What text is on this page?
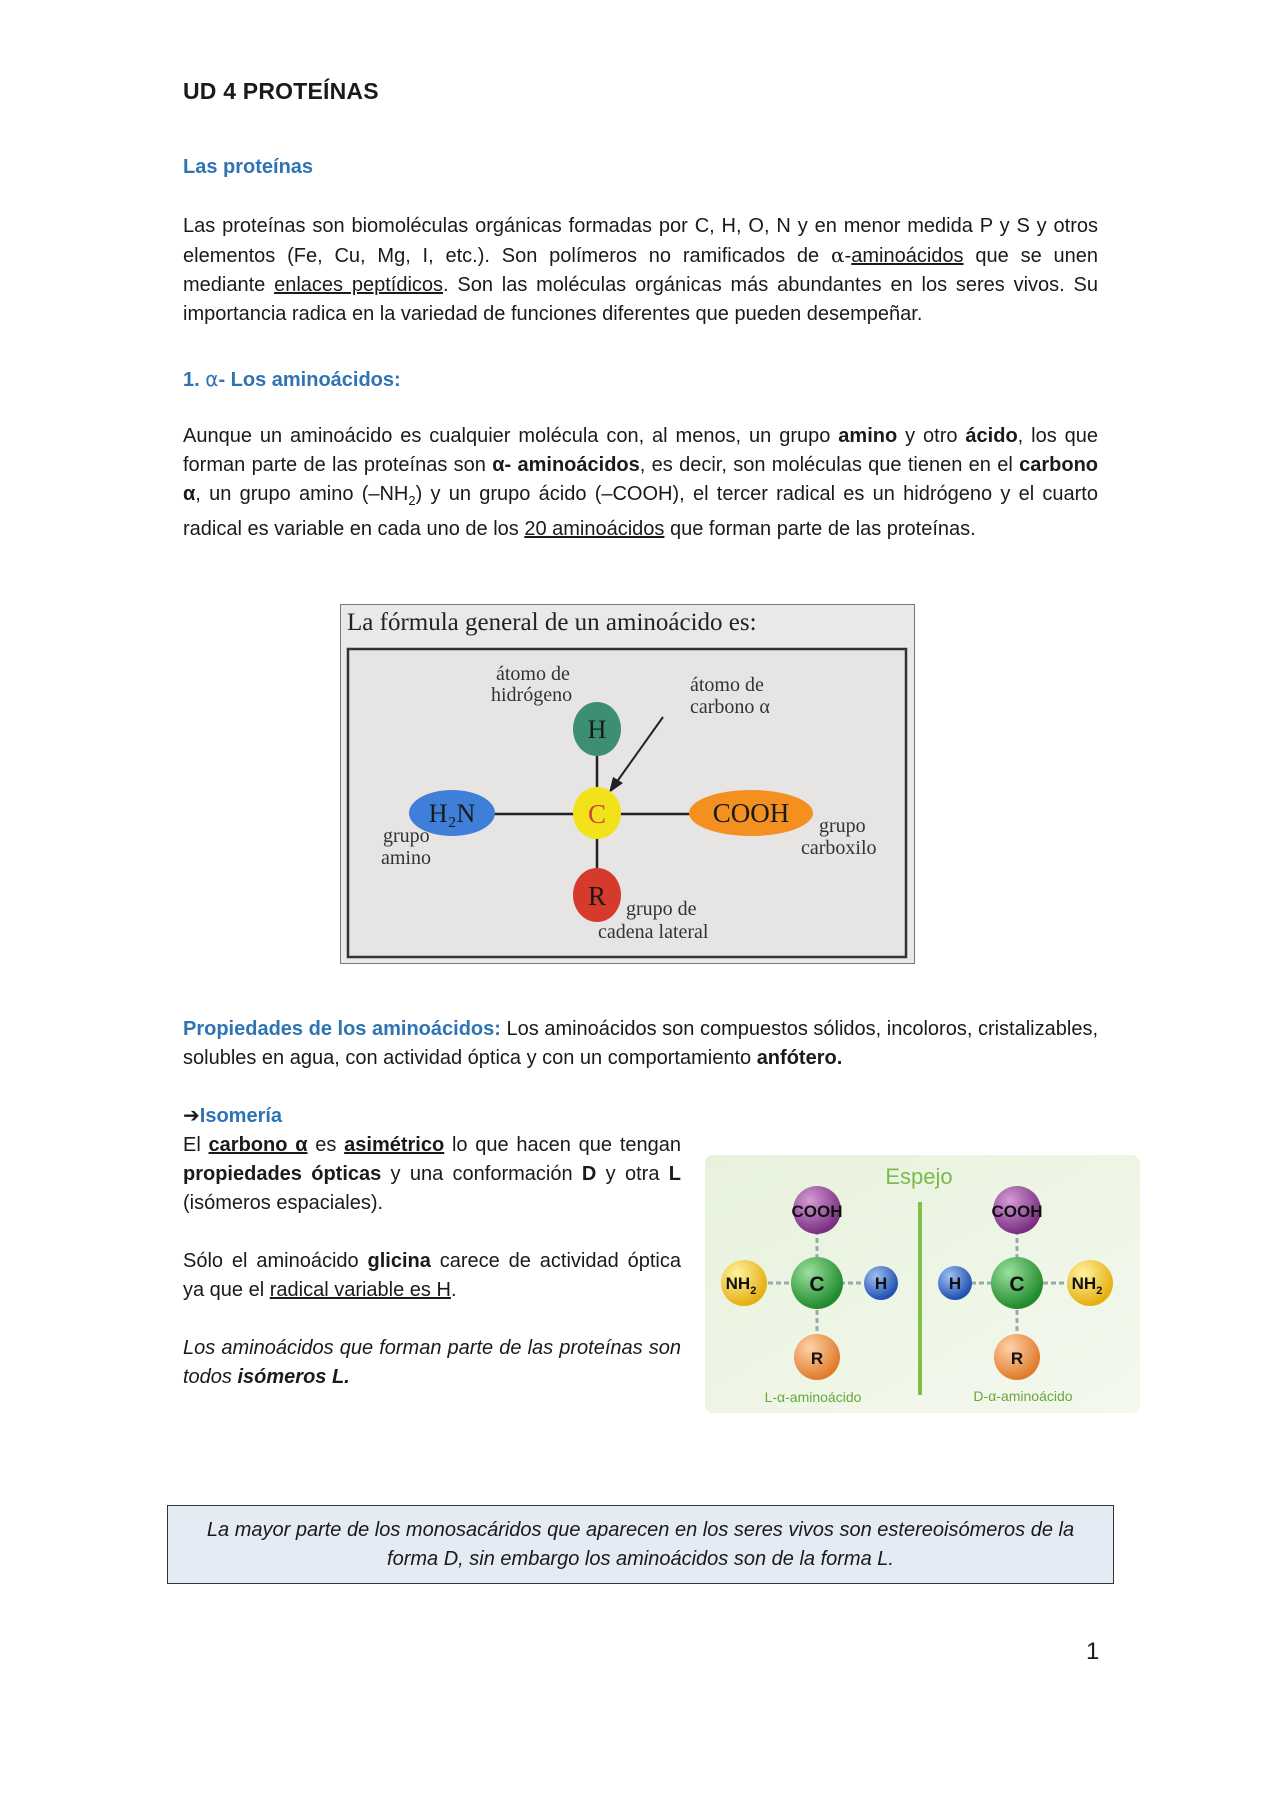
UD 4 PROTEÍNAS
Las proteínas
Las proteínas son biomoléculas orgánicas formadas por C, H, O, N y en menor medida P y S y otros elementos (Fe, Cu, Mg, I, etc.). Son polímeros no ramificados de α-aminoácidos que se unen mediante enlaces peptídicos. Son las moléculas orgánicas más abundantes en los seres vivos. Su importancia radica en la variedad de funciones diferentes que pueden desempeñar.
1. α- Los aminoácidos:
Aunque un aminoácido es cualquier molécula con, al menos, un grupo amino y otro ácido, los que forman parte de las proteínas son α- aminoácidos, es decir, son moléculas que tienen en el carbono α, un grupo amino $(-NH_2)$ y un grupo ácido (–COOH), el tercer radical es un hidrógeno y el cuarto radical es variable en cada uno de los 20 aminoácidos que forman parte de las proteínas.
La fórmula general de un aminoácido es:
H
C
R
H₂N	COOH
átomo de
hidrógeno	átomo de
carbono α
grupo
amino
grupo
carboxilo
grupo de
cadena lateral
Propiedades de los aminoácidos: Los aminoácidos son compuestos sólidos, incoloros, cristalizables, solubles en agua, con actividad óptica y con un comportamiento anfótero.
➔Isomería

El carbono α es asimétrico lo que hacen que tengan propiedades ópticas y una conformación D y otra L (isómeros espaciales).

Sólo el aminoácido glicina carece de actividad óptica ya que el radical variable es H.

Los aminoácidos que forman parte de las proteínas son todos isómeros L.

Espejo
COOH
$NH_2$	C	H
R
L-α-aminoácido
COOH
H C	$NH_2$
R
D-α-aminoácido
La mayor parte de los monosacáridos que aparecen en los seres vivos son estereoisómeros de la forma D, sin embargo los aminoácidos son de la forma L.
1
